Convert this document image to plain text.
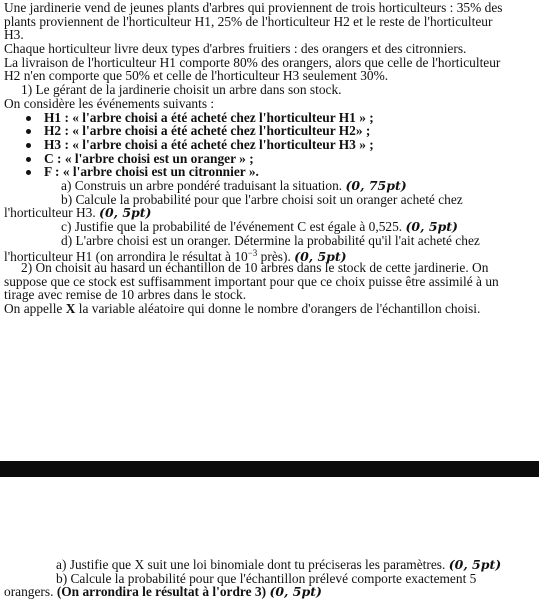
Une jardinerie vend de jeunes plants d'arbres qui proviennent de trois horticulteurs : 35% des
plants proviennent de l'horticulteur H1, 25% de l'horticulteur H2 et le reste de l'horticulteur
H3.
Chaque horticulteur livre deux types d'arbres fruitiers : des orangers et des citronniers.
La livraison de l'horticulteur H1 comporte 80% des orangers, alors que celle de l'horticulteur
H2 n'en comporte que 50% et celle de l'horticulteur H3 seulement 30%.
1) Le gérant de la jardinerie choisit un arbre dans son stock.
On considère les événements suivants :
H1 : « l'arbre choisi a été acheté chez l'horticulteur H1 » ;
H2 : « l'arbre choisi a été acheté chez l'horticulteur H2» ;
H3 : « l'arbre choisi a été acheté chez l'horticulteur H3 » ;
C : « l'arbre choisi est un oranger » ;
F : « l'arbre choisi est un citronnier ».
a) Construis un arbre pondéré traduisant la situation. (0, 75pt)
b) Calcule la probabilité pour que l'arbre choisi soit un oranger acheté chez
l'horticulteur H3. (0, 5pt)
c) Justifie que la probabilité de l'événement C est égale à 0,525. (0, 5pt)
d) L'arbre choisi est un oranger. Détermine la probabilité qu'il l'ait acheté chez
l'horticulteur H1 (on arrondira le résultat à $10^{-3}$ près). (0, 5pt)
2) On choisit au hasard un échantillon de 10 arbres dans le stock de cette jardinerie. On
suppose que ce stock est suffisamment important pour que ce choix puisse être assimilé à un
tirage avec remise de 10 arbres dans le stock.
On appelle X la variable aléatoire qui donne le nombre d'orangers de l'échantillon choisi.
a) Justifie que X suit une loi binomiale dont tu préciseras les paramètres. (0, 5pt)
b) Calcule la probabilité pour que l'échantillon prélevé comporte exactement 5
orangers. (On arrondira le résultat à l'ordre 3) (0, 5pt)
